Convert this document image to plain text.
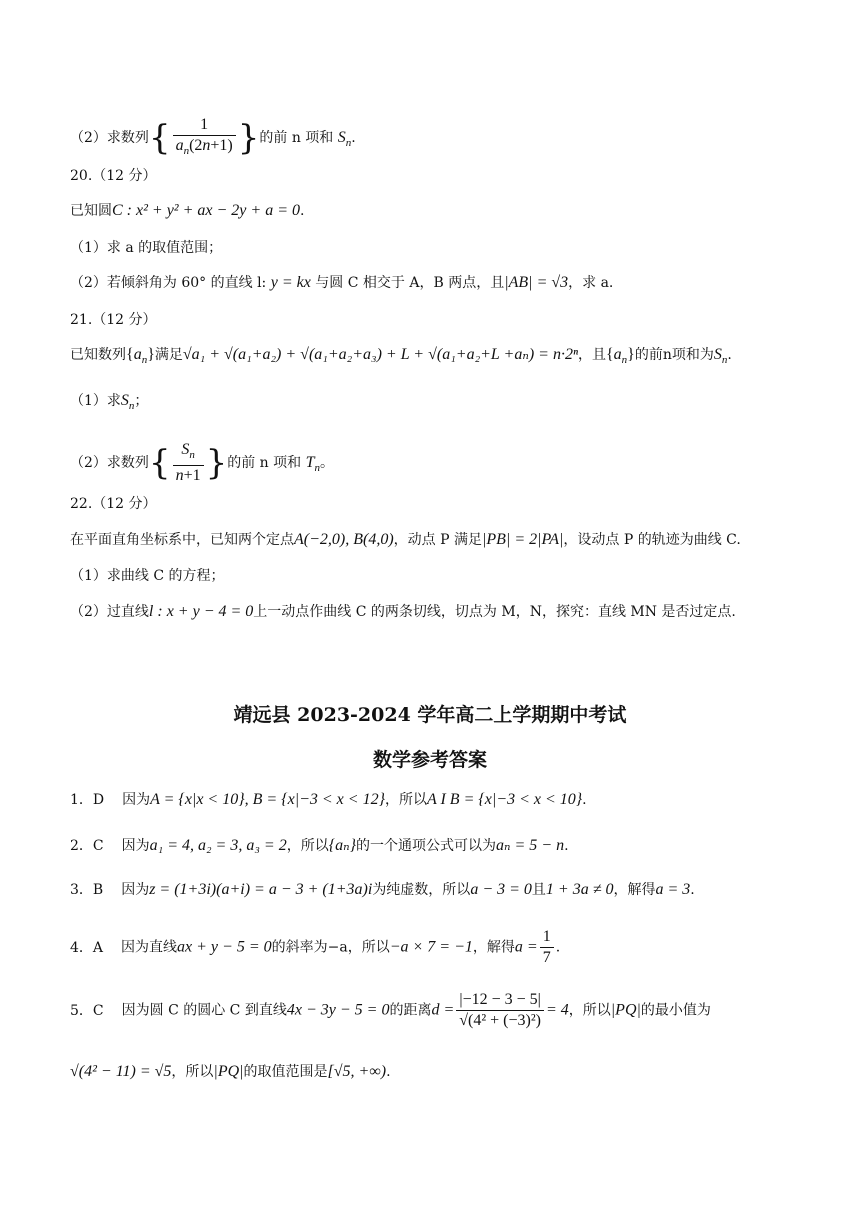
（2）求数列{ $\frac{1}{a_n(2n+1)}$ }的前 n 项和 $S_n$.
20.（12 分）
已知圆C : x² + y² + ax − 2y + a = 0.
（1）求 a 的取值范围；
（2）若倾斜角为 60° 的直线 l: y = kx 与圆 C 相交于 A，B 两点，且|AB| = √3，求 a.
21.（12 分）
已知数列$\{a_n\}$满足√a₁ + √(a₁+a₂) + √(a₁+a₂+a₃) + L + √(a₁+a₂+L +aₙ) = n·2ⁿ，且$\{a_n\}$的前n项和为$S_n$.
（1）求$S_n$；
（2）求数列{ $\frac{S_n}{n+1}$ }的前 n 项和 $T_n$。
22.（12 分）
在平面直角坐标系中，已知两个定点A(−2,0), B(4,0)，动点 P 满足|PB| = 2|PA|，设动点 P 的轨迹为曲线 C.
（1）求曲线 C 的方程；
（2）过直线l : x + y − 4 = 0上一动点作曲线 C 的两条切线，切点为 M，N，探究：直线 MN 是否过定点.
靖远县 2023-2024 学年高二上学期期中考试
数学参考答案
1．D 因为A = {x|x < 10}, B = {x|−3 < x < 12}，所以A I B = {x|−3 < x < 10}.
2．C 因为a₁ = 4, a₂ = 3, a₃ = 2，所以{aₙ}的一个通项公式可以为aₙ = 5 − n.
3．B 因为z = (1+3i)(a+i) = a − 3 + (1+3a)i为纯虚数，所以a − 3 = 0且1 + 3a ≠ 0，解得a = 3.
4．A 因为直线ax + y − 5 = 0的斜率为−a，所以−a × 7 = −1，解得$a = \frac{1}{7}$ .
5．C 因为圆 C 的圆心 C 到直线4x − 3y − 5 = 0的距离$d = \frac{|-12 - 3 - 5|}{\text{√(4² + (−3)²)}} = 4$，所以|PQ|的最小值为
√(4² − 11) = √5，所以|PQ|的取值范围是[√5, +∞).
